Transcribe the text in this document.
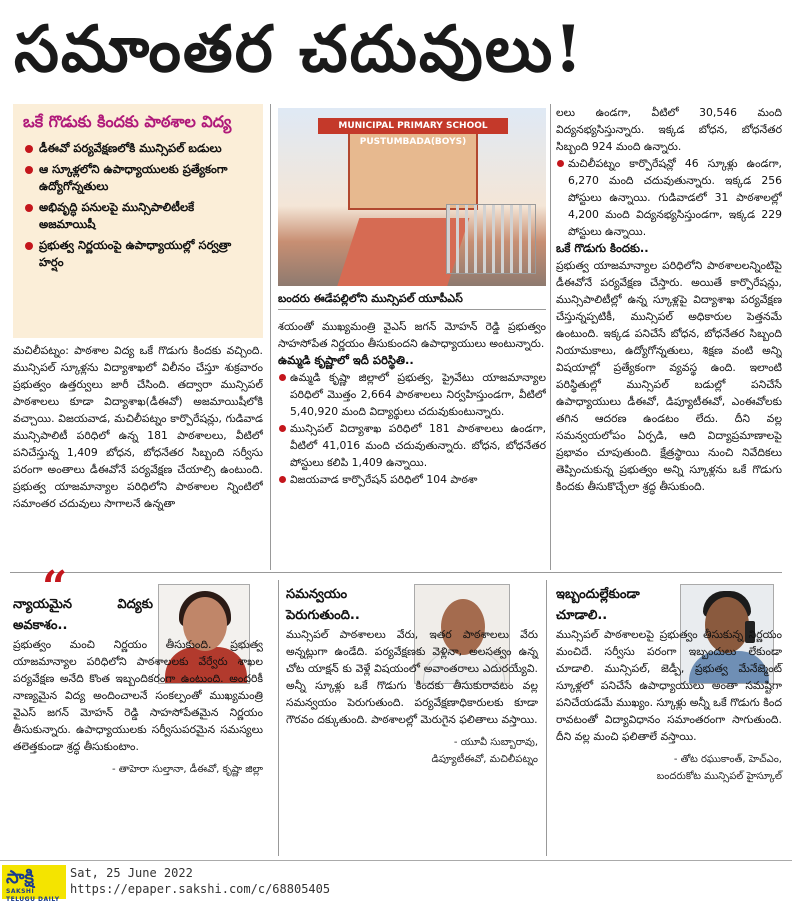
సమాంతర చదువులు!
ఒకే గొడుకు కిందకు పాఠశాల విద్య
డీఈవో పర్యవేక్షణలోకి మున్సిపల్ బడులు
ఆ స్కూళ్లలోని ఉపాధ్యాయులకు ప్రత్యేకంగా ఉద్యోగోన్నతులు
అభివృద్ధి పనులపై మున్సిపాలిటీలకే అజమాయిషీ
ప్రభుత్వ నిర్ణయంపై ఉపాధ్యాయుల్లో సర్వత్రా హర్షం
MUNICIPAL PRIMARY SCHOOL PUSTUMBADA(BOYS)
బందరు ఈడేపల్లిలోని మున్సిపల్ యూపీఎస్

మచిలీపట్నం: పాఠశాల విద్య ఒకే గొడుగు కిందకు వచ్చింది. మున్సిపల్ స్కూళ్లను విద్యాశాఖలో విలీనం చేస్తూ శుక్రవారం ప్రభుత్వం ఉత్తర్వులు జారీ చేసింది. తద్వారా మున్సిపల్ పాఠశాలలు కూడా విద్యాశాఖ(డీఈవో) అజమాయిషీలోకి వచ్చాయి. విజయవాడ, మచిలీపట్నం కార్పొరేషన్లు, గుడివాడ మున్సిపాలిటీ పరిధిలో ఉన్న 181 పాఠశాలలు, వీటిలో పనిచేస్తున్న 1,409 బోధన, బోధనేతర సిబ్బంది సర్వీసు పరంగా అంతాలు డీఈవోనే పర్యవేక్షణ చేయాల్సి ఉంటుంది. ప్రభుత్వ యాజమాన్యాల పరిధిలోని పాఠశాలల న్నింటిలో సమాంతర చదువులు సాగాలనే ఉన్నతా

శయంతో ముఖ్యమంత్రి వైఎస్ జగన్ మోహన్ రెడ్డి ప్రభుత్వం సాహసోపేత నిర్ణయం తీసుకుందని ఉపాధ్యాయులు అంటున్నారు.

ఉమ్మడి కృష్ణాలో ఇదీ పరిస్థితి..

ఉమ్మడి కృష్ణా జిల్లాలో ప్రభుత్వ, ప్రైవేటు యాజమాన్యాల పరిధిలో మొత్తం 2,664 పాఠశాలలు నిర్వహిస్తుండగా, వీటిలో 5,40,920 మంది విద్యార్థులు చదువుకుంటున్నారు.

మున్సిపల్ విద్యాశాఖ పరిధిలో 181 పాఠశాలలు ఉండగా, వీటిలో 41,016 మంది చదువుతున్నారు. బోధన, బోధనేతర పోస్టులు కలిపి 1,409 ఉన్నాయి.

విజయవాడ కార్పొరేషన్ పరిధిలో 104 పాఠశా

లలు ఉండగా, వీటిలో 30,546 మంది విద్యనభ్యసిస్తున్నారు. ఇక్కడ బోధన, బోధనేతర సిబ్బంది 924 మంది ఉన్నారు.

మచిలీపట్నం కార్పొరేషన్లో 46 స్కూళ్లు ఉండగా, 6,270 మంది చదువుతున్నారు. ఇక్కడ 256 పోస్టులు ఉన్నాయి. గుడివాడలో 31 పాఠశాలల్లో 4,200 మంది విద్యనభ్యసిస్తుండగా, ఇక్కడ 229 పోస్టులు ఉన్నాయి.

ఒకే గొడుగు కిందకు..

ప్రభుత్వ యాజమాన్యాల పరిధిలోని పాఠశాలలన్నింటిపై డీఈవోనే పర్యవేక్షణ చేస్తారు. అయితే కార్పొరేషన్లు, మున్సిపాలిటీల్లో ఉన్న స్కూళ్లపై విద్యాశాఖ పర్యవేక్షణ చేస్తున్నప్పటికీ, మున్సిపల్ అధికారుల పెత్తనమే ఉంటుంది. ఇక్కడ పనిచేసే బోధన, బోధనేతర సిబ్బంది నియామకాలు, ఉద్యోగోన్నతులు, శిక్షణ వంటి అన్ని విషయాల్లో ప్రత్యేకంగా వ్యవస్థ ఉంది. ఇలాంటి పరిస్థితుల్లో మున్సిపల్ బడుల్లో పనిచేసే ఉపాధ్యాయులు డీఈవో, డిప్యూటీఈవో, ఎంఈవోలకు తగిన ఆదరణ ఉండటం లేదు. దీని వల్ల సమన్వయలోపం ఏర్పడి, ఆది విద్యాప్రమాణాలపై ప్రభావం చూపుతుంది. క్షేత్రస్థాయి నుంచి నివేదికలు తెప్పించుకున్న ప్రభుత్వం అన్ని స్కూళ్లను ఒకే గొడుగు కిందకు తీసుకొచ్చేలా శ్రద్ధ తీసుకుంది.

“

న్యాయమైన విద్యకు అవకాశం..

ప్రభుత్వం మంచి నిర్ణయం తీసుకుంది. ప్రభుత్వ యాజమాన్యాల పరిధిలోని పాఠశాలలకు వేర్వేరు శాఖల పర్యవేక్షణ అనేది కొంత ఇబ్బందికరంగా ఉంటుంది. అందరికీ నాణ్యమైన విద్య అందించాలనే సంకల్పంతో ముఖ్యమంత్రి వైఎస్ జగన్ మోహన్ రెడ్డి సాహసోపేతమైన నిర్ణయం తీసుకున్నారు. ఉపాధ్యాయులకు సర్వీసుపరమైన సమస్యలు తలెత్తకుండా శ్రద్ధ తీసుకుంటాం.

- తాహెరా సుల్తానా, డీఈవో, కృష్ణా జిల్లా

సమన్వయం పెరుగుతుంది..

మున్సిపల్ పాఠశాలలు వేరు, ఇతర పాఠశాలలు వేరు అన్నట్లుగా ఉండేది. పర్యవేక్షణకు వెళ్లినా, అలసత్వం ఉన్న చోట యాక్షన్ కు వెళ్లే విషయంలో అవాంతరాలు ఎదురయ్యేవి. అన్నీ స్కూళ్లు ఒకే గొడుగు కిందకు తీసుకురావటం వల్ల సమన్వయం పెరుగుతుంది. పర్యవేక్షణాధికారులకు కూడా గౌరవం దక్కుతుంది. పాఠశాలల్లో మెరుగైన ఫలితాలు వస్తాయి.

- యూవీ సుబ్బారావు,

డిప్యూటీఈవో, మచిలీపట్నం

ఇబ్బందుల్లేకుండా చూడాలి..

మున్సిపల్ పాఠశాలలపై ప్రభుత్వం తీసుకున్న నిర్ణయం మంచిదే. సర్వీసు పరంగా ఇబ్బందులు లేకుండా చూడాలి. మున్సిపల్, జెడ్పీ, ప్రభుత్వ మేనేజ్మెంట్ స్కూళ్లలో పనిచేసే ఉపాధ్యాయులు అంతా సమష్టిగా పనిచేయడమే ముఖ్యం. స్కూళ్లు అన్నీ ఒకే గొడుగు కింద రావటంతో విద్యావిధానం సమాంతరంగా సాగుతుంది. దీని వల్ల మంచి ఫలితాలే వస్తాయి.

- తోట రఘుకాంత్, హెచ్ఎం,

బందరుకోట మున్సిపల్ హైస్కూల్

సాక్షి
SAKSHI TELUGU DAILY
Sat, 25 June 2022
https://epaper.sakshi.com/c/68805405
